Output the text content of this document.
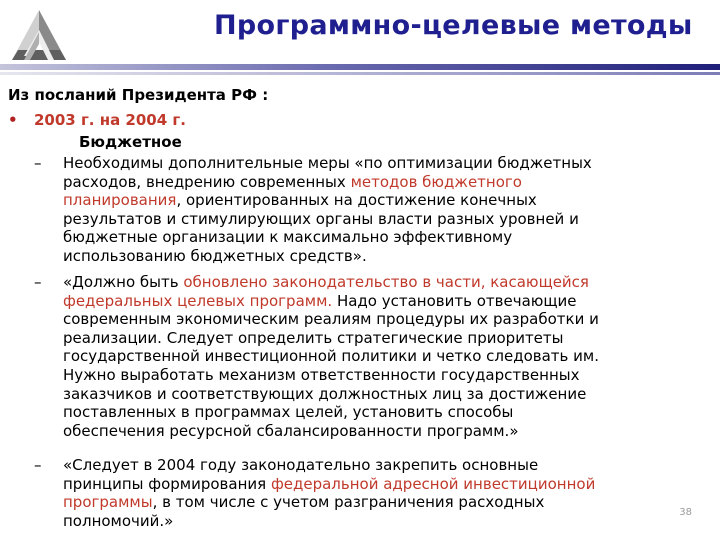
Программно-целевые методы
Из посланий Президента РФ :
• 2003 г. на 2004 г.
Бюджетное
–	Необходимы дополнительные меры «по оптимизации бюджетных
расходов, внедрению современных методов бюджетного
планирования, ориентированных на достижение конечных
результатов и стимулирующих органы власти разных уровней и
бюджетные организации к максимально эффективному
использованию бюджетных средств».
–	«Должно быть обновлено законодательство в части, касающейся
федеральных целевых программ. Надо установить отвечающие
современным экономическим реалиям процедуры их разработки и
реализации. Следует определить стратегические приоритеты
государственной инвестиционной политики и четко следовать им.
Нужно выработать механизм ответственности государственных
заказчиков и соответствующих должностных лиц за достижение
поставленных в программах целей, установить способы
обеспечения ресурсной сбалансированности программ.»
–	«Следует в 2004 году законодательно закрепить основные
принципы формирования федеральной адресной инвестиционной
программы, в том числе с учетом разграничения расходных
полномочий.»	38
